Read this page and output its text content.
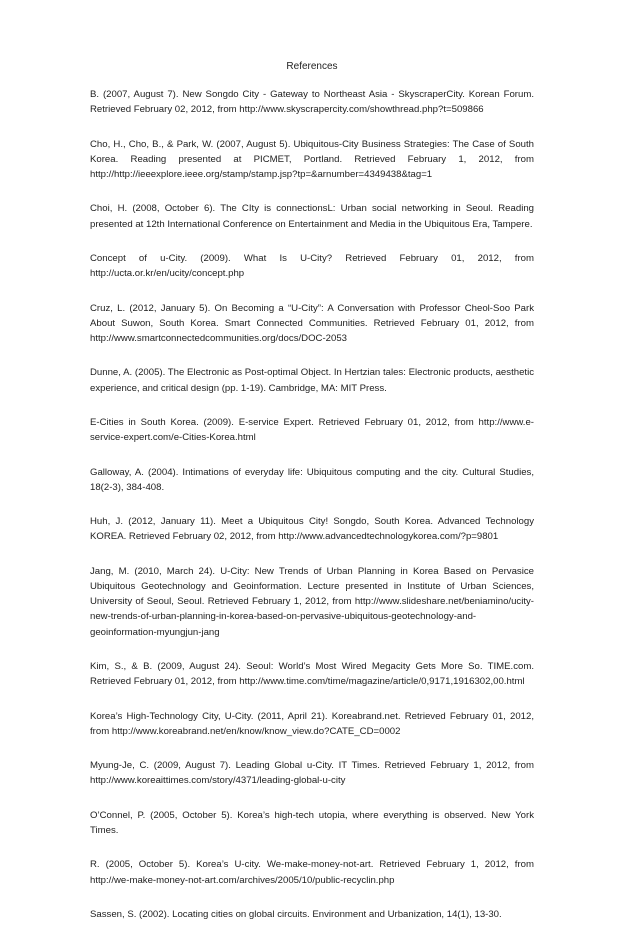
References
B. (2007, August 7). New Songdo City - Gateway to Northeast Asia - SkyscraperCity. Korean Forum. Retrieved February 02, 2012, from http://www.skyscrapercity.com/showthread.php?t=509866
Cho, H., Cho, B., & Park, W. (2007, August 5). Ubiquitous-City Business Strategies: The Case of South Korea. Reading presented at PICMET, Portland. Retrieved February 1, 2012, from http://http://ieeexplore.ieee.org/stamp/stamp.jsp?tp=&arnumber=4349438&tag=1
Choi, H. (2008, October 6). The CIty is connectionsL: Urban social networking in Seoul. Reading presented at 12th International Conference on Entertainment and Media in the Ubiquitous Era, Tampere.
Concept of u-City. (2009). What Is U-City? Retrieved February 01, 2012, from http://ucta.or.kr/en/ucity/concept.php
Cruz, L. (2012, January 5). On Becoming a “U-City”: A Conversation with Professor Cheol-Soo Park About Suwon, South Korea. Smart Connected Communities. Retrieved February 01, 2012, from http://www.smartconnectedcommunities.org/docs/DOC-2053
Dunne, A. (2005). The Electronic as Post-optimal Object. In Hertzian tales: Electronic products, aesthetic experience, and critical design (pp. 1-19). Cambridge, MA: MIT Press.
E-Cities in South Korea. (2009). E-service Expert. Retrieved February 01, 2012, from http://www.e-service-expert.com/e-Cities-Korea.html
Galloway, A. (2004). Intimations of everyday life: Ubiquitous computing and the city. Cultural Studies, 18(2-3), 384-408.
Huh, J. (2012, January 11). Meet a Ubiquitous City! Songdo, South Korea. Advanced Technology KOREA. Retrieved February 02, 2012, from http://www.advancedtechnologykorea.com/?p=9801
Jang, M. (2010, March 24). U-City: New Trends of Urban Planning in Korea Based on Pervasice Ubiquitous Geotechnology and Geoinformation. Lecture presented in Institute of Urban Sciences, University of Seoul, Seoul. Retrieved February 1, 2012, from http://www.slideshare.net/beniamino/ucity-new-trends-of-urban-planning-in-korea-based-on-pervasive-ubiquitous-geotechnology-and-geoinformation-myungjun-jang
Kim, S., & B. (2009, August 24). Seoul: World’s Most Wired Megacity Gets More So. TIME.com. Retrieved February 01, 2012, from http://www.time.com/time/magazine/article/0,9171,1916302,00.html
Korea’s High-Technology City, U-City. (2011, April 21). Koreabrand.net. Retrieved February 01, 2012, from http://www.koreabrand.net/en/know/know_view.do?CATE_CD=0002
Myung-Je, C. (2009, August 7). Leading Global u-City. IT Times. Retrieved February 1, 2012, from http://www.koreaittimes.com/story/4371/leading-global-u-city
O’Connel, P. (2005, October 5). Korea’s high-tech utopia, where everything is observed. New York Times.
R. (2005, October 5). Korea’s U-city. We-make-money-not-art. Retrieved February 1, 2012, from http://we-make-money-not-art.com/archives/2005/10/public-recyclin.php
Sassen, S. (2002). Locating cities on global circuits. Environment and Urbanization, 14(1), 13-30.
